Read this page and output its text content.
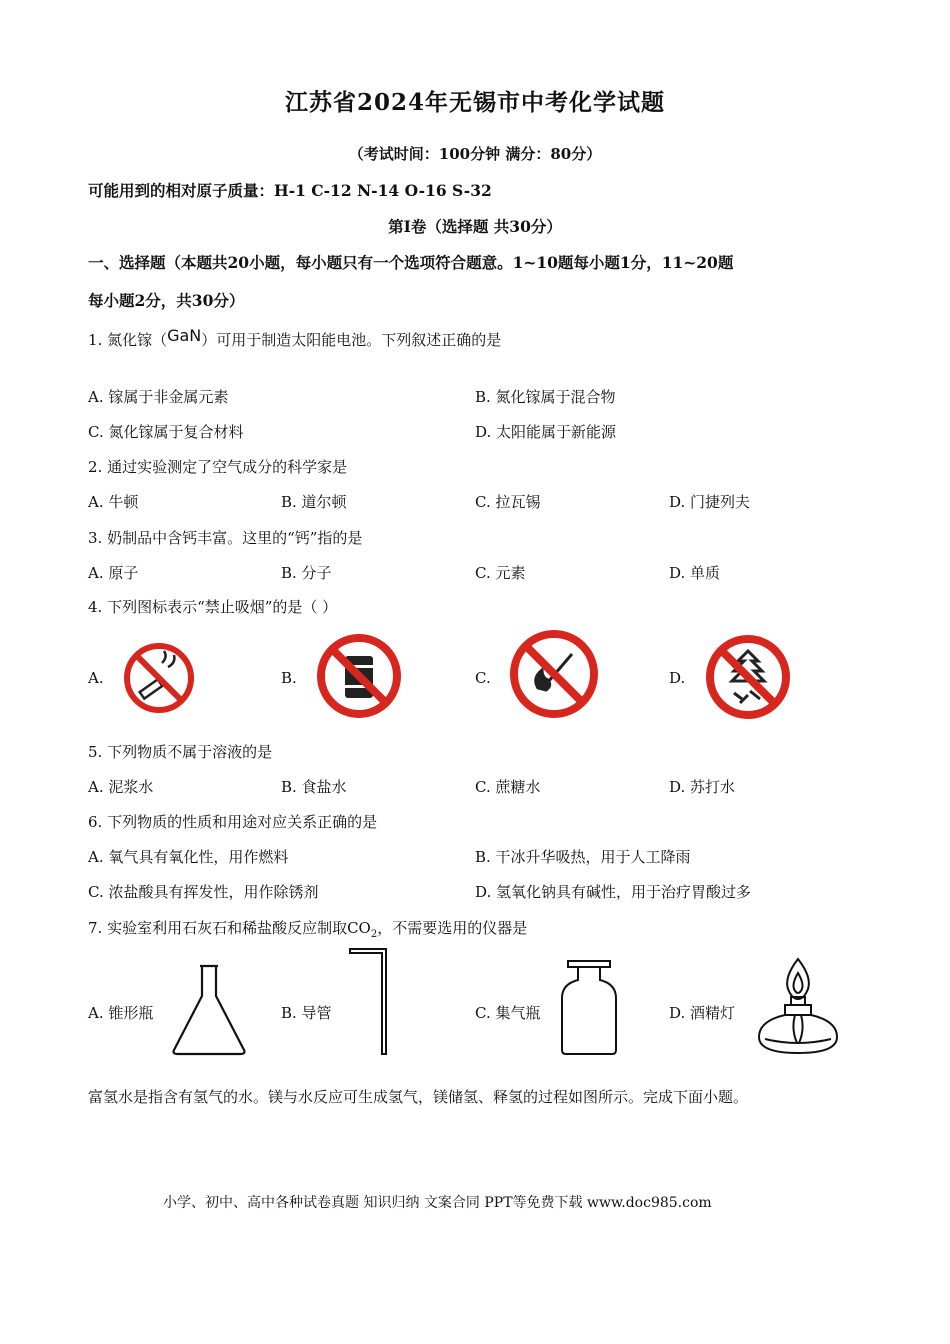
江苏省2024年无锡市中考化学试题
（考试时间：100分钟 满分：80分）
可能用到的相对原子质量：H-1 C-12 N-14 O-16 S-32
第Ⅰ卷（选择题 共30分）
一、选择题（本题共20小题，每小题只有一个选项符合题意。1~10题每小题1分，11~20题
每小题2分，共30分）
1. 氮化镓（GaN）可用于制造太阳能电池。下列叙述正确的是
A. 镓属于非金属元素	B. 氮化镓属于混合物
C. 氮化镓属于复合材料	D. 太阳能属于新能源
2. 通过实验测定了空气成分的科学家是
A. 牛顿	B. 道尔顿	C. 拉瓦锡	D. 门捷列夫
3. 奶制品中含钙丰富。这里的“钙”指的是
A. 原子	B. 分子	C. 元素	D. 单质
4. 下列图标表示“禁止吸烟”的是（ ）
A.	B.	C.	D.
5. 下列物质不属于溶液的是
A. 泥浆水	B. 食盐水	C. 蔗糖水	D. 苏打水
6. 下列物质的性质和用途对应关系正确的是
A. 氧气具有氧化性，用作燃料	B. 干冰升华吸热，用于人工降雨
C. 浓盐酸具有挥发性，用作除锈剂	D. 氢氧化钠具有碱性，用于治疗胃酸过多
7. 实验室利用石灰石和稀盐酸反应制取$CO_2$，不需要选用的仪器是
A. 锥形瓶	B. 导管	C. 集气瓶	D. 酒精灯
富氢水是指含有氢气的水。镁与水反应可生成氢气，镁储氢、释氢的过程如图所示。完成下面小题。
小学、初中、高中各种试卷真题 知识归纳 文案合同 PPT等免费下载 www.doc985.com
